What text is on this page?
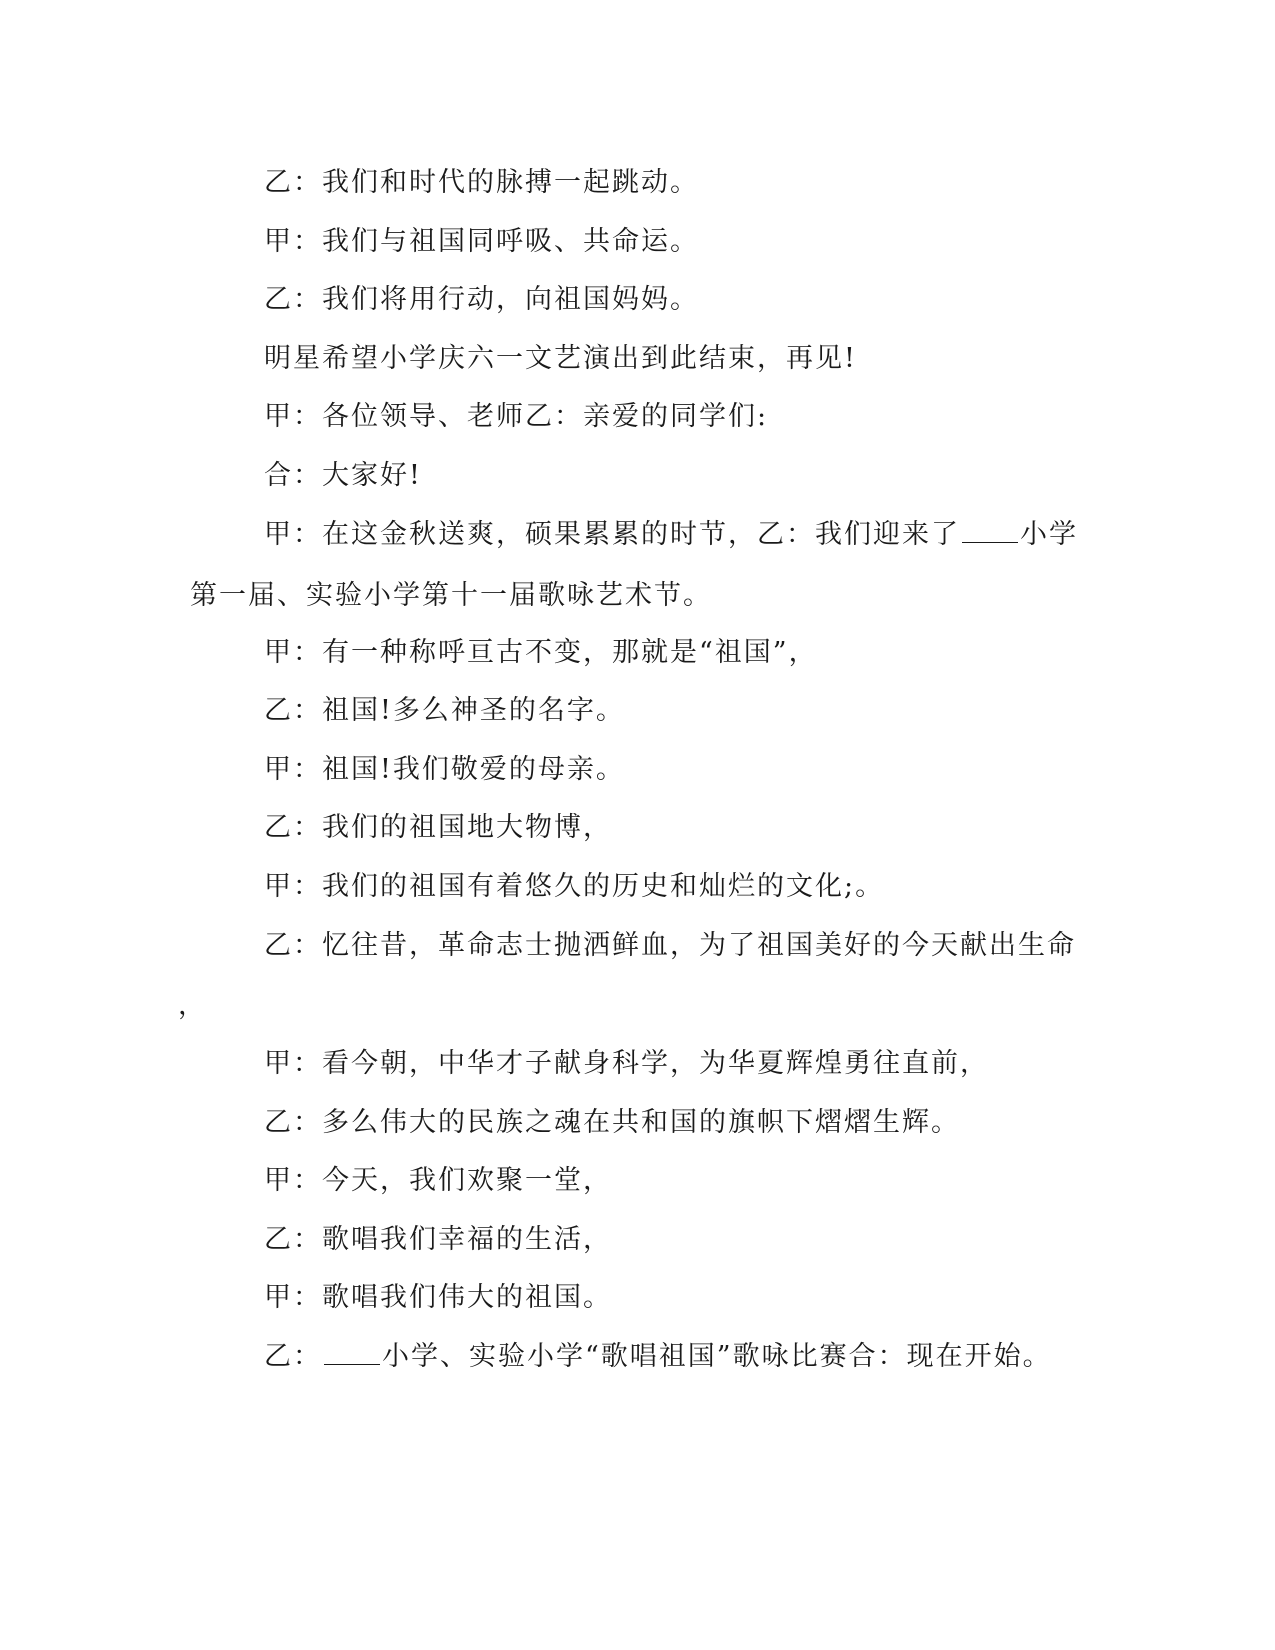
乙：我们和时代的脉搏一起跳动。

甲：我们与祖国同呼吸、共命运。

乙：我们将用行动，向祖国妈妈。

明星希望小学庆六一文艺演出到此结束，再见!

甲：各位领导、老师乙：亲爱的同学们:

合：大家好!

甲：在这金秋送爽，硕果累累的时节，乙：我们迎来了 小学第一届、实验小学第十一届歌咏艺术节。

甲：有一种称呼亘古不变，那就是“祖国”，

乙：祖国!多么神圣的名字。

甲：祖国!我们敬爱的母亲。

乙：我们的祖国地大物博，

甲：我们的祖国有着悠久的历史和灿烂的文化;。

乙：忆往昔，革命志士抛洒鲜血，为了祖国美好的今天献出生命

，

甲：看今朝，中华才子献身科学，为华夏辉煌勇往直前，

乙：多么伟大的民族之魂在共和国的旗帜下熠熠生辉。

甲：今天，我们欢聚一堂，

乙：歌唱我们幸福的生活，

甲：歌唱我们伟大的祖国。

乙： 小学、实验小学“歌唱祖国”歌咏比赛合：现在开始。
